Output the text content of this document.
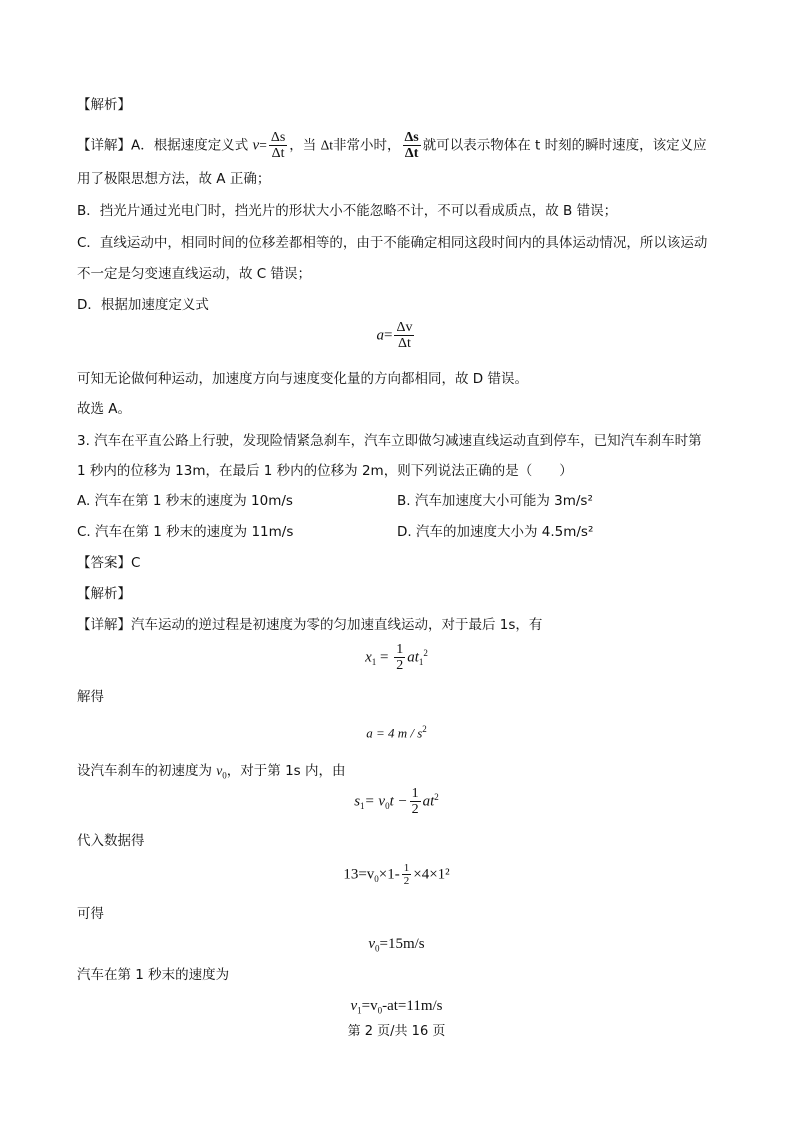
【解析】
【详解】A．根据速度定义式 $v= \frac{\Delta s}{\Delta t}$ ，当 Δt非常小时， $\frac{\Delta s}{\Delta t}$ 就可以表示物体在 t 时刻的瞬时速度，该定义应
用了极限思想方法，故 A 正确；
B．挡光片通过光电门时，挡光片的形状大小不能忽略不计，不可以看成质点，故 B 错误；
C．直线运动中，相同时间的位移差都相等的，由于不能确定相同这段时间内的具体运动情况，所以该运动
不一定是匀变速直线运动，故 C 错误；
D．根据加速度定义式
$a= \frac{\Delta v}{\Delta t}$
可知无论做何种运动，加速度方向与速度变化量的方向都相同，故 D 错误。
故选 A。
3. 汽车在平直公路上行驶，发现险情紧急刹车，汽车立即做匀减速直线运动直到停车，已知汽车刹车时第
1 秒内的位移为 13m，在最后 1 秒内的位移为 2m，则下列说法正确的是（　　）
A. 汽车在第 1 秒末的速度为 10m/s	B. 汽车加速度大小可能为 3m/s²
C. 汽车在第 1 秒末的速度为 11m/s	D. 汽车的加速度大小为 4.5m/s²
【答案】C
【解析】
【详解】汽车运动的逆过程是初速度为零的匀加速直线运动，对于最后 1s，有
$x_1 = \frac{1}{2} at_1^2$
解得
a = 4 m / $s^2$
设汽车刹车的初速度为 $v_0$，对于第 1s 内，由
$s_1= v_0t - \frac{1}{2} at^2$
代入数据得
$13=v_0\times 1- \frac{1}{2} \times 4\times 1^2$
可得
$v_0=15m/s$
汽车在第 1 秒末的速度为
$v_1=v_0-at=11m/s$
第 2 页/共 16 页
